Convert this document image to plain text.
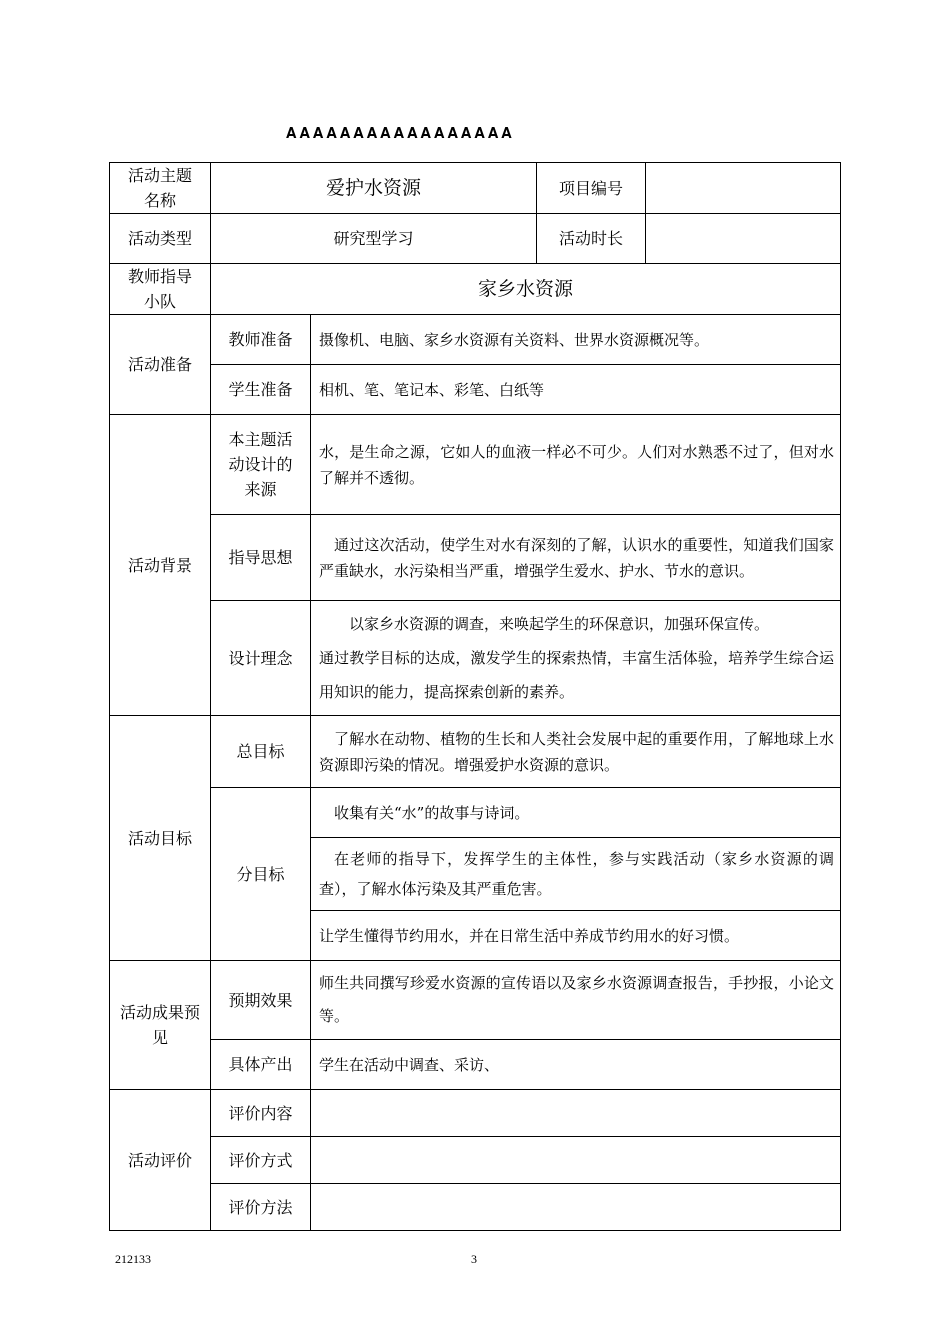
𝐀𝐀𝐀𝐀𝐀𝐀𝐀𝐀𝐀𝐀𝐀𝐀𝐀𝐀𝐀𝐀𝐀
活动主题名称	爱护水资源		项目编号	
活动类型	研究型学习		活动时长	
教师指导小队	家乡水资源			
活动准备	教师准备	摄像机、电脑、家乡水资源有关资料、世界水资源概况等。		
	学生准备	相机、笔、笔记本、彩笔、白纸等		
活动背景	本主题活动设计的来源	水，是生命之源，它如人的血液一样必不可少。人们对水熟悉不过了，但对水了解并不透彻。		
	指导思想	通过这次活动，使学生对水有深刻的了解，认识水的重要性，知道我们国家严重缺水，水污染相当严重，增强学生爱水、护水、节水的意识。		
	设计理念	以家乡水资源的调查，来唤起学生的环保意识，加强环保宣传。
通过教学目标的达成，激发学生的探索热情，丰富生活体验，培养学生综合运用知识的能力，提高探索创新的素养。		

活动目标	总目标	了解水在动物、植物的生长和人类社会发展中起的重要作用，了解地球上水资源即污染的情况。增强爱护水资源的意识。		
	分目标	收集有关“水”的故事与诗词。		
		在老师的指导下，发挥学生的主体性，参与实践活动（家乡水资源的调查），了解水体污染及其严重危害。		
		让学生懂得节约用水，并在日常生活中养成节约用水的好习惯。		
活动成果预见	预期效果	师生共同撰写珍爱水资源的宣传语以及家乡水资源调查报告，手抄报，小论文等。		
	具体产出	学生在活动中调查、采访、		
活动评价	评价内容			
	评价方式			
	评价方法			
212133	3
